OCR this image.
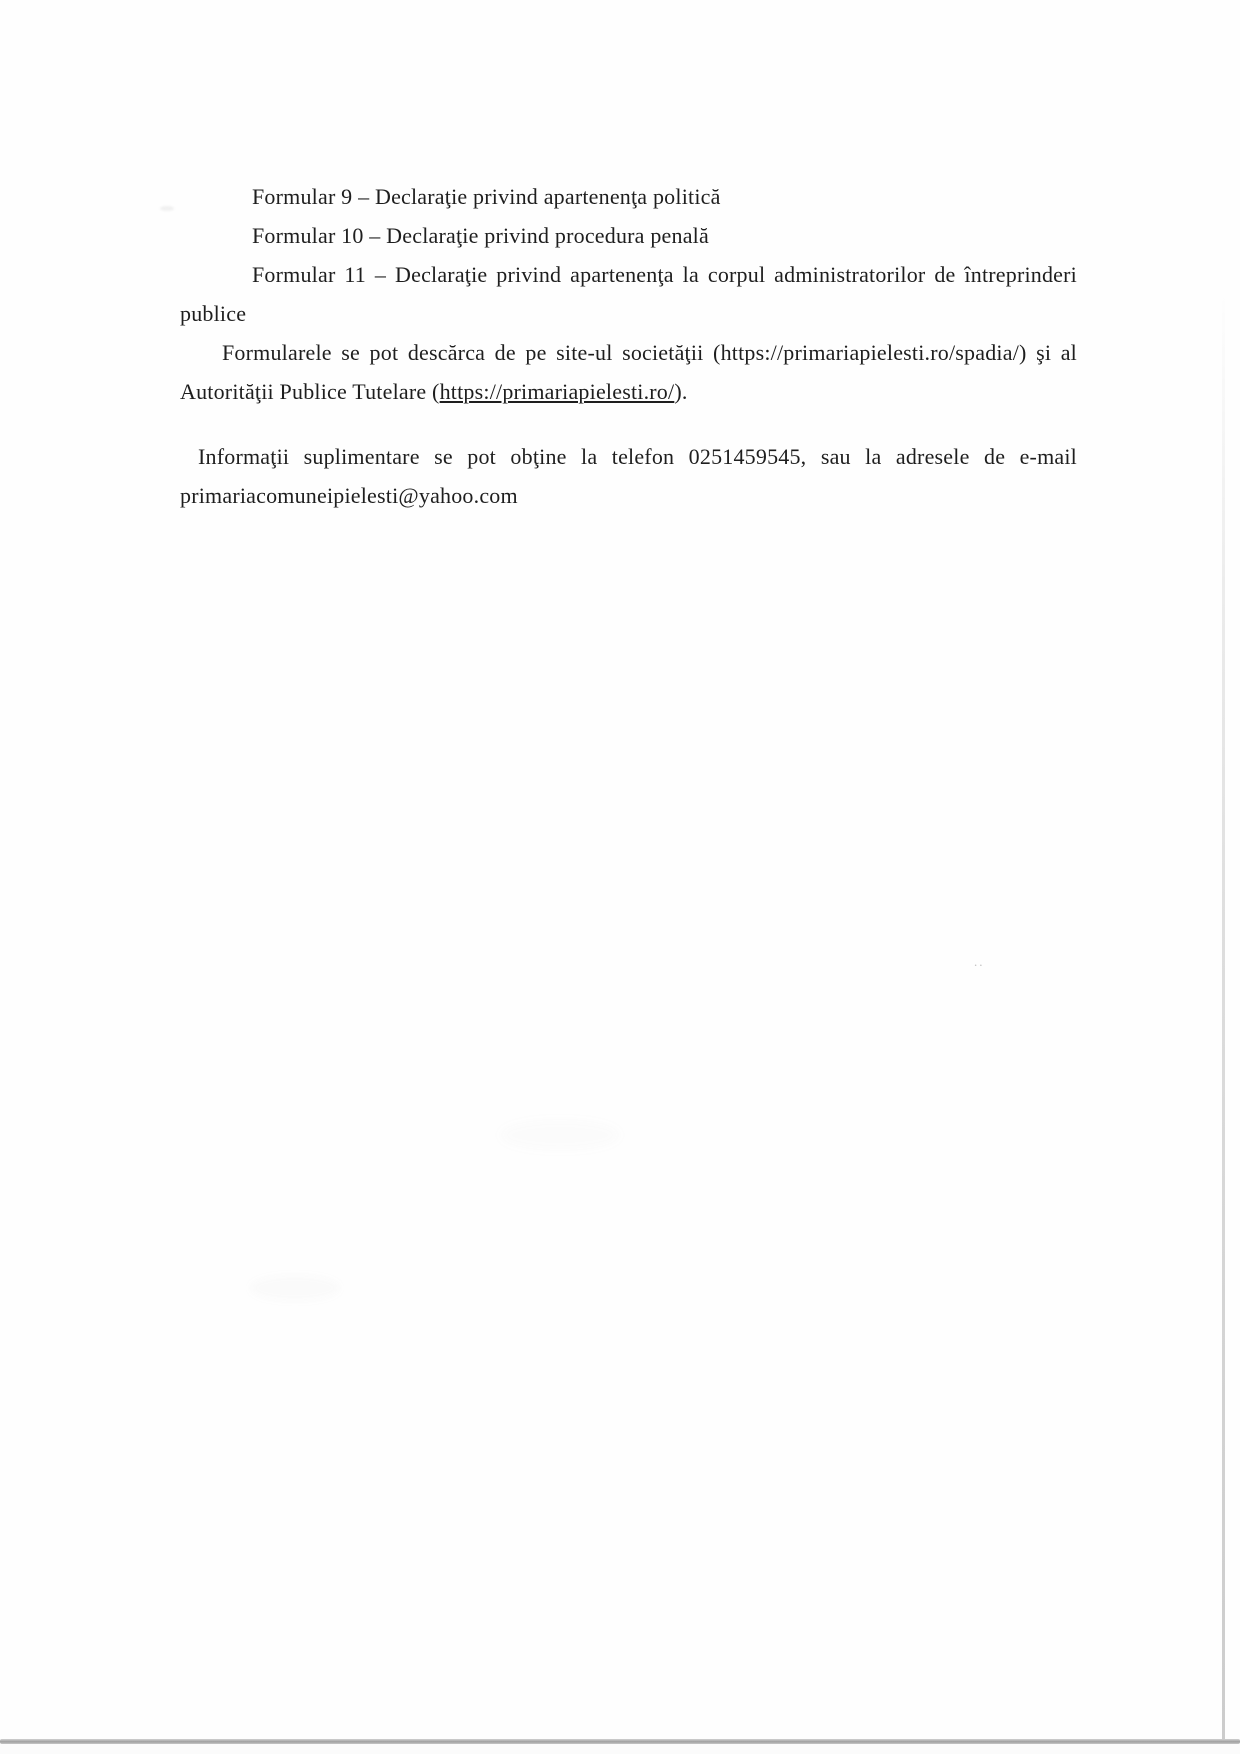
Formular 9 – Declaraţie privind apartenenţa politică
Formular 10 – Declaraţie privind procedura penală
Formular 11 – Declaraţie privind apartenenţa la corpul administratorilor de întreprinderi
publice
Formularele se pot descărca de pe site-ul societăţii (https://primariapielesti.ro/spadia/) şi al
Autorităţii Publice Tutelare (https://primariapielesti.ro/).
Informaţii suplimentare se pot obţine la telefon 0251459545, sau la adresele de e-mail
primariacomuneipielesti@yahoo.com
..
